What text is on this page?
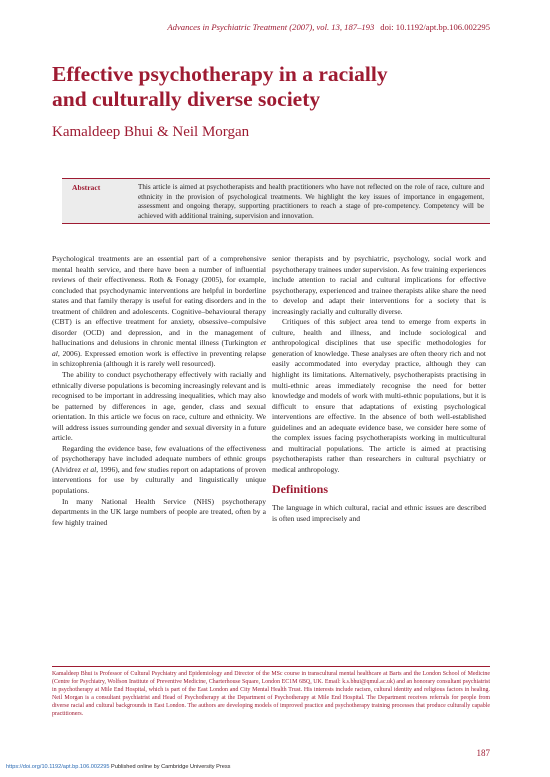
Advances in Psychiatric Treatment (2007), vol. 13, 187–193 doi: 10.1192/apt.bp.106.002295
Effective psychotherapy in a racially
and culturally diverse society

Kamaldeep Bhui & Neil Morgan

Abstract	This article is aimed at psychotherapists and health practitioners who have not reflected on the role of race, culture and ethnicity in the provision of psychological treatments. We highlight the key issues of importance in engagement, assessment and ongoing therapy, supporting practitioners to reach a stage of pre-competency. Competency will be achieved with additional training, supervision and innovation.

Psychological treatments are an essential part of a comprehensive mental health service, and there have been a number of influential reviews of their effectiveness. Roth & Fonagy (2005), for example, concluded that psychodynamic interventions are helpful in borderline states and that family therapy is useful for eating disorders and in the treatment of children and adolescents. Cognitive–behavioural therapy (CBT) is an effective treatment for anxiety, obsessive–compulsive disorder (OCD) and depression, and in the management of hallucinations and delusions in chronic mental illness (Turkington et al, 2006). Expressed emotion work is effective in preventing relapse in schizophrenia (although it is rarely well resourced).

The ability to conduct psychotherapy effectively with racially and ethnically diverse populations is becoming increasingly relevant and is recognised to be important in addressing inequalities, which may also be patterned by differences in age, gender, class and sexual orientation. In this article we focus on race, culture and ethnicity. We will address issues surrounding gender and sexual diversity in a future article.

Regarding the evidence base, few evaluations of the effectiveness of psychotherapy have included adequate numbers of ethnic groups (Alvidrez et al, 1996), and few studies report on adaptations of proven interventions for use by culturally and linguistically unique populations.

In many National Health Service (NHS) psychotherapy departments in the UK large numbers of people are treated, often by a few highly trained

senior therapists and by psychiatric, psychology, social work and psychotherapy trainees under supervision. As few training experiences include attention to racial and cultural implications for effective psychotherapy, experienced and trainee therapists alike share the need to develop and adapt their interventions for a society that is increasingly racially and culturally diverse.

Critiques of this subject area tend to emerge from experts in culture, health and illness, and include sociological and anthropological disciplines that use specific methodologies for generation of knowledge. These analyses are often theory rich and not easily accommodated into everyday practice, although they can highlight its limitations. Alternatively, psychotherapists practising in multi-ethnic areas immediately recognise the need for better knowledge and models of work with multi-ethnic populations, but it is difficult to ensure that adaptations of existing psychological interventions are effective. In the absence of both well-established guidelines and an adequate evidence base, we consider here some of the complex issues facing psychotherapists working in multicultural and multiracial populations. The article is aimed at practising psychotherapists rather than researchers in cultural psychiatry or medical anthropology.

Definitions

The language in which cultural, racial and ethnic issues are described is often used imprecisely and

Kamaldeep Bhui is Professor of Cultural Psychiatry and Epidemiology and Director of the MSc course in transcultural mental healthcare at Barts and the London School of Medicine (Centre for Psychiatry, Wolfson Institute of Preventive Medicine, Charterhouse Square, London EC1M 6BQ, UK. Email: k.s.bhui@qmul.ac.uk) and an honorary consultant psychiatrist in psychotherapy at Mile End Hospital, which is part of the East London and City Mental Health Trust. His interests include racism, cultural identity and religious factors in healing. Neil Morgan is a consultant psychiatrist and Head of Psychotherapy at the Department of Psychotherapy at Mile End Hospital. The Department receives referrals for people from diverse racial and cultural backgrounds in East London. The authors are developing models of improved practice and psychotherapy training processes that produce culturally capable practitioners.

187
https://doi.org/10.1192/apt.bp.106.002295 Published online by Cambridge University Press
